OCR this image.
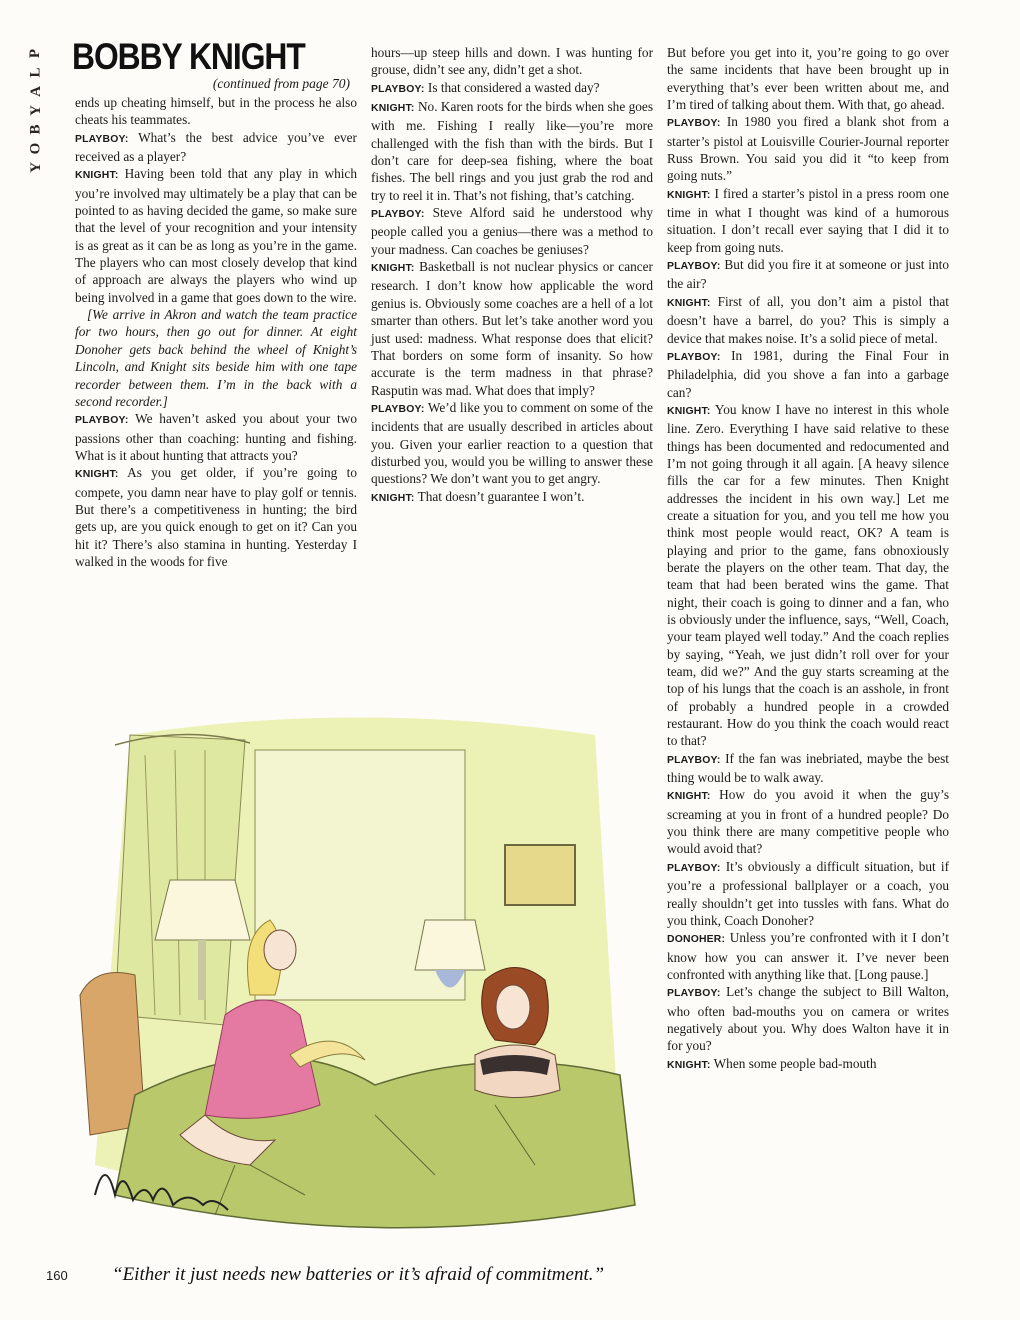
P
L
A
Y
B
O
Y
BOBBY KNIGHT
(continued from page 70)

ends up cheating himself, but in the process he also cheats his teammates.

PLAYBOY: What’s the best advice you’ve ever received as a player?

KNIGHT: Having been told that any play in which you’re involved may ultimately be a play that can be pointed to as having decided the game, so make sure that the level of your recognition and your intensity is as great as it can be as long as you’re in the game. The players who can most closely develop that kind of approach are always the players who wind up being involved in a game that goes down to the wire.

[We arrive in Akron and watch the team practice for two hours, then go out for dinner. At eight Donoher gets back behind the wheel of Knight’s Lincoln, and Knight sits beside him with one tape recorder between them. I’m in the back with a second recorder.]

PLAYBOY: We haven’t asked you about your two passions other than coaching: hunting and fishing. What is it about hunting that attracts you?

KNIGHT: As you get older, if you’re going to compete, you damn near have to play golf or tennis. But there’s a competitiveness in hunting; the bird gets up, are you quick enough to get on it? Can you hit it? There’s also stamina in hunting. Yesterday I walked in the woods for five

hours—up steep hills and down. I was hunting for grouse, didn’t see any, didn’t get a shot.

PLAYBOY: Is that considered a wasted day?

KNIGHT: No. Karen roots for the birds when she goes with me. Fishing I really like—you’re more challenged with the fish than with the birds. But I don’t care for deep-sea fishing, where the boat fishes. The bell rings and you just grab the rod and try to reel it in. That’s not fishing, that’s catching.

PLAYBOY: Steve Alford said he understood why people called you a genius—there was a method to your madness. Can coaches be geniuses?

KNIGHT: Basketball is not nuclear physics or cancer research. I don’t know how applicable the word genius is. Obviously some coaches are a hell of a lot smarter than others. But let’s take another word you just used: madness. What response does that elicit? That borders on some form of insanity. So how accurate is the term madness in that phrase? Rasputin was mad. What does that imply?

PLAYBOY: We’d like you to comment on some of the incidents that are usually described in articles about you. Given your earlier reaction to a question that disturbed you, would you be willing to answer these questions? We don’t want you to get angry.

KNIGHT: That doesn’t guarantee I won’t.

But before you get into it, you’re going to go over the same incidents that have been brought up in everything that’s ever been written about me, and I’m tired of talking about them. With that, go ahead.

PLAYBOY: In 1980 you fired a blank shot from a starter’s pistol at Louisville Courier-Journal reporter Russ Brown. You said you did it “to keep from going nuts.”

KNIGHT: I fired a starter’s pistol in a press room one time in what I thought was kind of a humorous situation. I don’t recall ever saying that I did it to keep from going nuts.

PLAYBOY: But did you fire it at someone or just into the air?

KNIGHT: First of all, you don’t aim a pistol that doesn’t have a barrel, do you? This is simply a device that makes noise. It’s a solid piece of metal.

PLAYBOY: In 1981, during the Final Four in Philadelphia, did you shove a fan into a garbage can?

KNIGHT: You know I have no interest in this whole line. Zero. Everything I have said relative to these things has been documented and redocumented and I’m not going through it all again. [A heavy silence fills the car for a few minutes. Then Knight addresses the incident in his own way.] Let me create a situation for you, and you tell me how you think most people would react, OK? A team is playing and prior to the game, fans obnoxiously berate the players on the other team. That day, the team that had been berated wins the game. That night, their coach is going to dinner and a fan, who is obviously under the influence, says, “Well, Coach, your team played well today.” And the coach replies by saying, “Yeah, we just didn’t roll over for your team, did we?” And the guy starts screaming at the top of his lungs that the coach is an asshole, in front of probably a hundred people in a crowded restaurant. How do you think the coach would react to that?

PLAYBOY: If the fan was inebriated, maybe the best thing would be to walk away.

KNIGHT: How do you avoid it when the guy’s screaming at you in front of a hundred people? Do you think there are many competitive people who would avoid that?

PLAYBOY: It’s obviously a difficult situation, but if you’re a professional ballplayer or a coach, you really shouldn’t get into tussles with fans. What do you think, Coach Donoher?

DONOHER: Unless you’re confronted with it I don’t know how you can answer it. I’ve never been confronted with anything like that. [Long pause.]

PLAYBOY: Let’s change the subject to Bill Walton, who often bad-mouths you on camera or writes negatively about you. Why does Walton have it in for you?

KNIGHT: When some people bad-mouth

160 “Either it just needs new batteries or it’s afraid of commitment.”
